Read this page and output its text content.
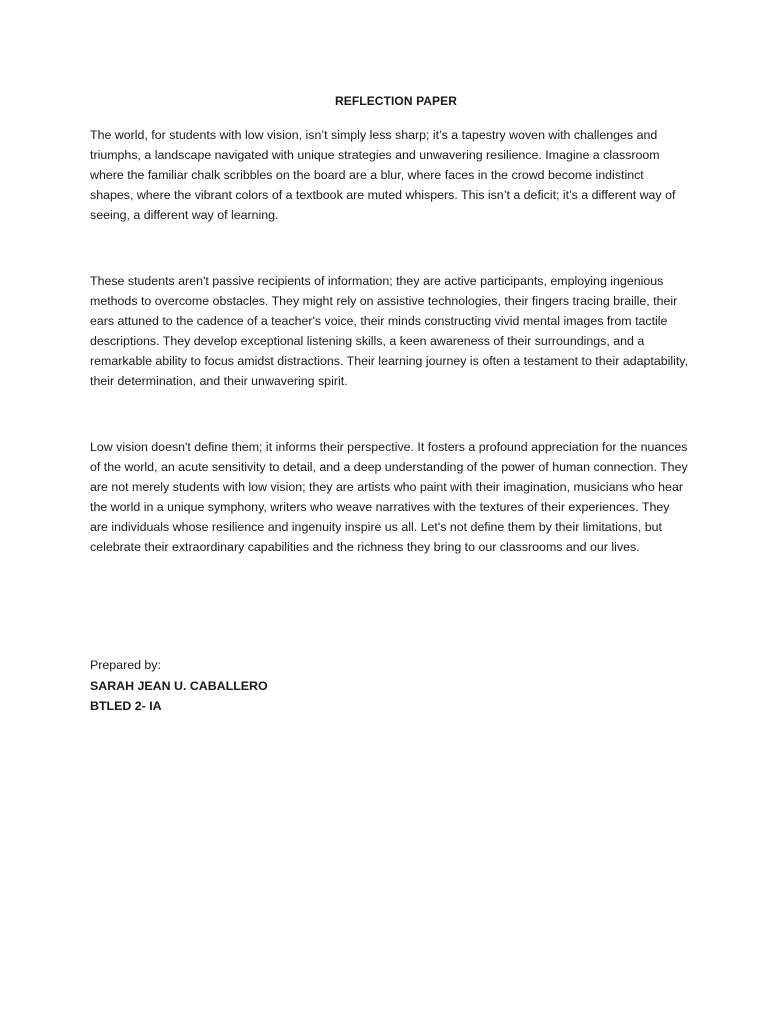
REFLECTION PAPER

The world, for students with low vision, isn’t simply less sharp; it’s a tapestry woven with challenges and triumphs, a landscape navigated with unique strategies and unwavering resilience. Imagine a classroom where the familiar chalk scribbles on the board are a blur, where faces in the crowd become indistinct shapes, where the vibrant colors of a textbook are muted whispers. This isn’t a deficit; it’s a different way of seeing, a different way of learning.

These students aren't passive recipients of information; they are active participants, employing ingenious methods to overcome obstacles. They might rely on assistive technologies, their fingers tracing braille, their ears attuned to the cadence of a teacher's voice, their minds constructing vivid mental images from tactile descriptions. They develop exceptional listening skills, a keen awareness of their surroundings, and a remarkable ability to focus amidst distractions. Their learning journey is often a testament to their adaptability, their determination, and their unwavering spirit.

Low vision doesn't define them; it informs their perspective. It fosters a profound appreciation for the nuances of the world, an acute sensitivity to detail, and a deep understanding of the power of human connection. They are not merely students with low vision; they are artists who paint with their imagination, musicians who hear the world in a unique symphony, writers who weave narratives with the textures of their experiences. They are individuals whose resilience and ingenuity inspire us all. Let's not define them by their limitations, but celebrate their extraordinary capabilities and the richness they bring to our classrooms and our lives.

Prepared by:
SARAH JEAN U. CABALLERO
BTLED 2- IA
